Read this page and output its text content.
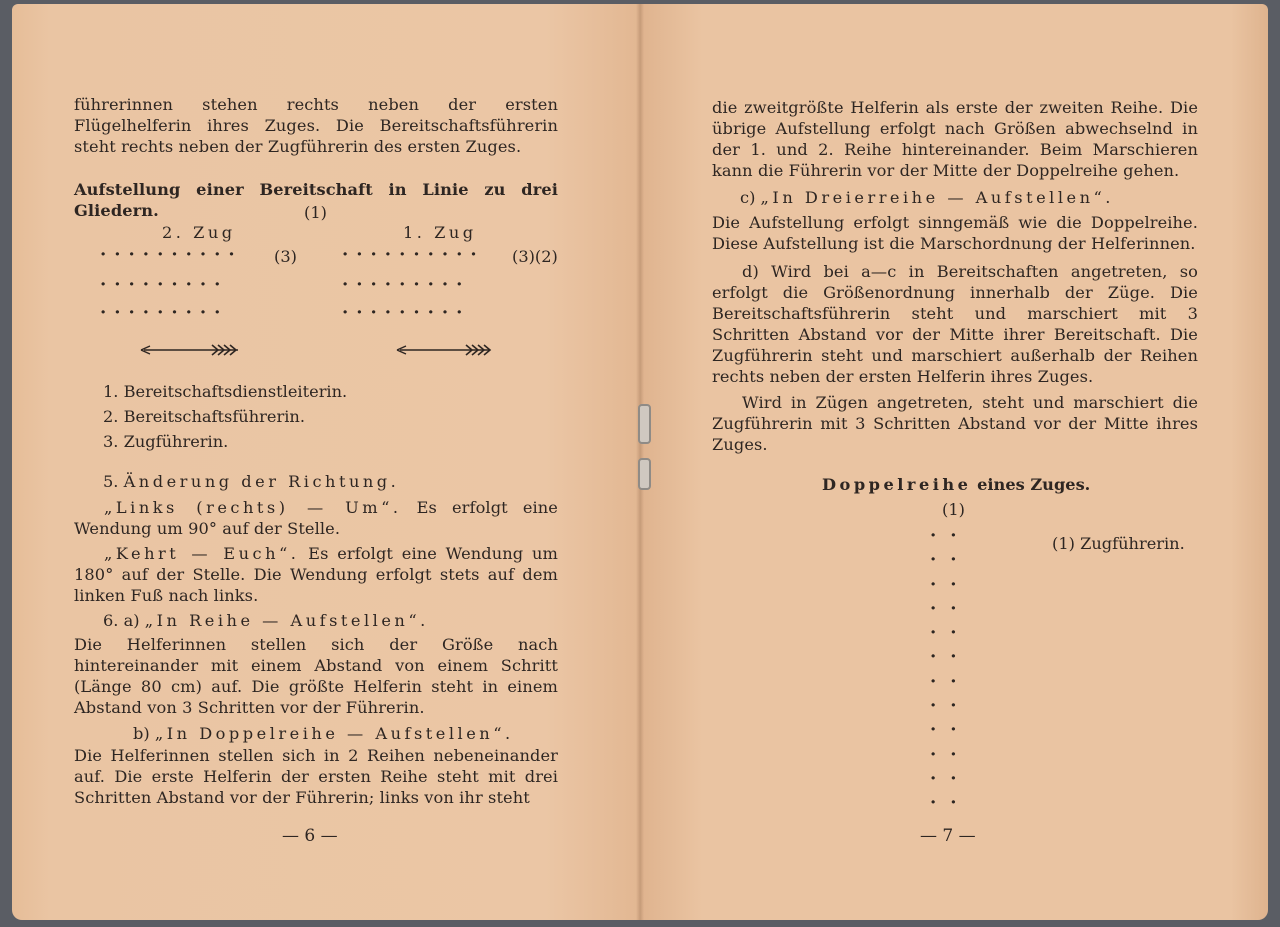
führerinnen stehen rechts neben der ersten Flügelhelferin ihres Zuges. Die Bereitschaftsführerin steht rechts neben der Zugführerin des ersten Zuges.
Aufstellung einer Bereitschaft in Linie zu drei Gliedern.	(1)
2. Zug	1. Zug
·········· (3)	·········· (3)(2)
·········	·········
·········	·········
1. Bereitschaftsdienstleiterin.
2. Bereitschaftsführerin.
3. Zugführerin.
5. Änderung der Richtung.
„Links (rechts) — Um“. Es erfolgt eine Wendung um 90° auf der Stelle.
„Kehrt — Euch“. Es erfolgt eine Wendung um 180° auf der Stelle. Die Wendung erfolgt stets auf dem linken Fuß nach links.
6. a) „In Reihe — Aufstellen“.
Die Helferinnen stellen sich der Größe nach hintereinander mit einem Abstand von einem Schritt (Länge 80 cm) auf. Die größte Helferin steht in einem Abstand von 3 Schritten vor der Führerin.
b) „In Doppelreihe — Aufstellen“.
Die Helferinnen stellen sich in 2 Reihen nebeneinander auf. Die erste Helferin der ersten Reihe steht mit drei Schritten Abstand vor der Führerin; links von ihr steht
— 6 —
die zweitgrößte Helferin als erste der zweiten Reihe. Die übrige Aufstellung erfolgt nach Größen abwechselnd in der 1. und 2. Reihe hintereinander. Beim Marschieren kann die Führerin vor der Mitte der Doppelreihe gehen.
c) „In Dreierreihe — Aufstellen“.
Die Aufstellung erfolgt sinngemäß wie die Doppelreihe. Diese Aufstellung ist die Marschordnung der Helferinnen.
d) Wird bei a—c in Bereitschaften angetreten, so erfolgt die Größenordnung innerhalb der Züge. Die Bereitschaftsführerin steht und marschiert mit 3 Schritten Abstand vor der Mitte ihrer Bereitschaft. Die Zugführerin steht und marschiert außerhalb der Reihen rechts neben der ersten Helferin ihres Zuges.
Wird in Zügen angetreten, steht und marschiert die Zugführerin mit 3 Schritten Abstand vor der Mitte ihres Zuges.
Doppelreihe eines Zuges.
(1)
··
··
··
··
··
··
··
··
··
··
··
··
(1) Zugführerin.
— 7 —
